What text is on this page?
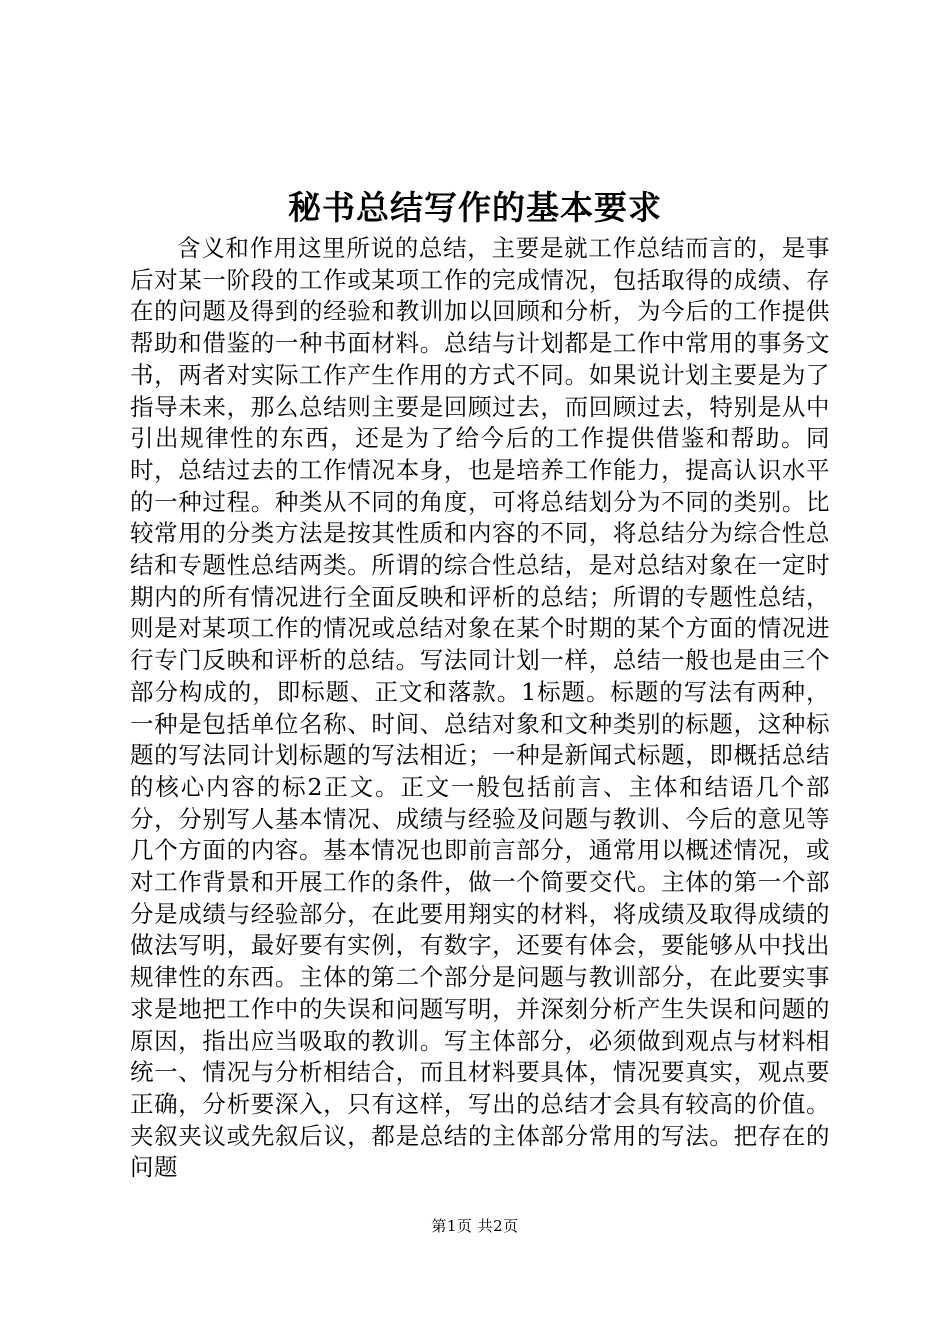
秘书总结写作的基本要求

含义和作用这里所说的总结，主要是就工作总结而言的，是事后对某一阶段的工作或某项工作的完成情况，包括取得的成绩、存在的问题及得到的经验和教训加以回顾和分析，为今后的工作提供帮助和借鉴的一种书面材料。总结与计划都是工作中常用的事务文书，两者对实际工作产生作用的方式不同。如果说计划主要是为了指导未来，那么总结则主要是回顾过去，而回顾过去，特别是从中引出规律性的东西，还是为了给今后的工作提供借鉴和帮助。同时，总结过去的工作情况本身，也是培养工作能力，提高认识水平的一种过程。种类从不同的角度，可将总结划分为不同的类别。比较常用的分类方法是按其性质和内容的不同，将总结分为综合性总结和专题性总结两类。所谓的综合性总结，是对总结对象在一定时期内的所有情况进行全面反映和评析的总结；所谓的专题性总结，则是对某项工作的情况或总结对象在某个时期的某个方面的情况进行专门反映和评析的总结。写法同计划一样，总结一般也是由三个部分构成的，即标题、正文和落款。1标题。标题的写法有两种，一种是包括单位名称、时间、总结对象和文种类别的标题，这种标题的写法同计划标题的写法相近；一种是新闻式标题，即概括总结的核心内容的标2正文。正文一般包括前言、主体和结语几个部分，分别写人基本情况、成绩与经验及问题与教训、今后的意见等几个方面的内容。基本情况也即前言部分，通常用以概述情况，或对工作背景和开展工作的条件，做一个简要交代。主体的第一个部分是成绩与经验部分，在此要用翔实的材料，将成绩及取得成绩的做法写明，最好要有实例，有数字，还要有体会，要能够从中找出规律性的东西。主体的第二个部分是问题与教训部分，在此要实事求是地把工作中的失误和问题写明，并深刻分析产生失误和问题的原因，指出应当吸取的教训。写主体部分，必须做到观点与材料相统一、情况与分析相结合，而且材料要具体，情况要真实，观点要正确，分析要深入，只有这样，写出的总结才会具有较高的价值。夹叙夹议或先叙后议，都是总结的主体部分常用的写法。把存在的问题

第1页 共2页
